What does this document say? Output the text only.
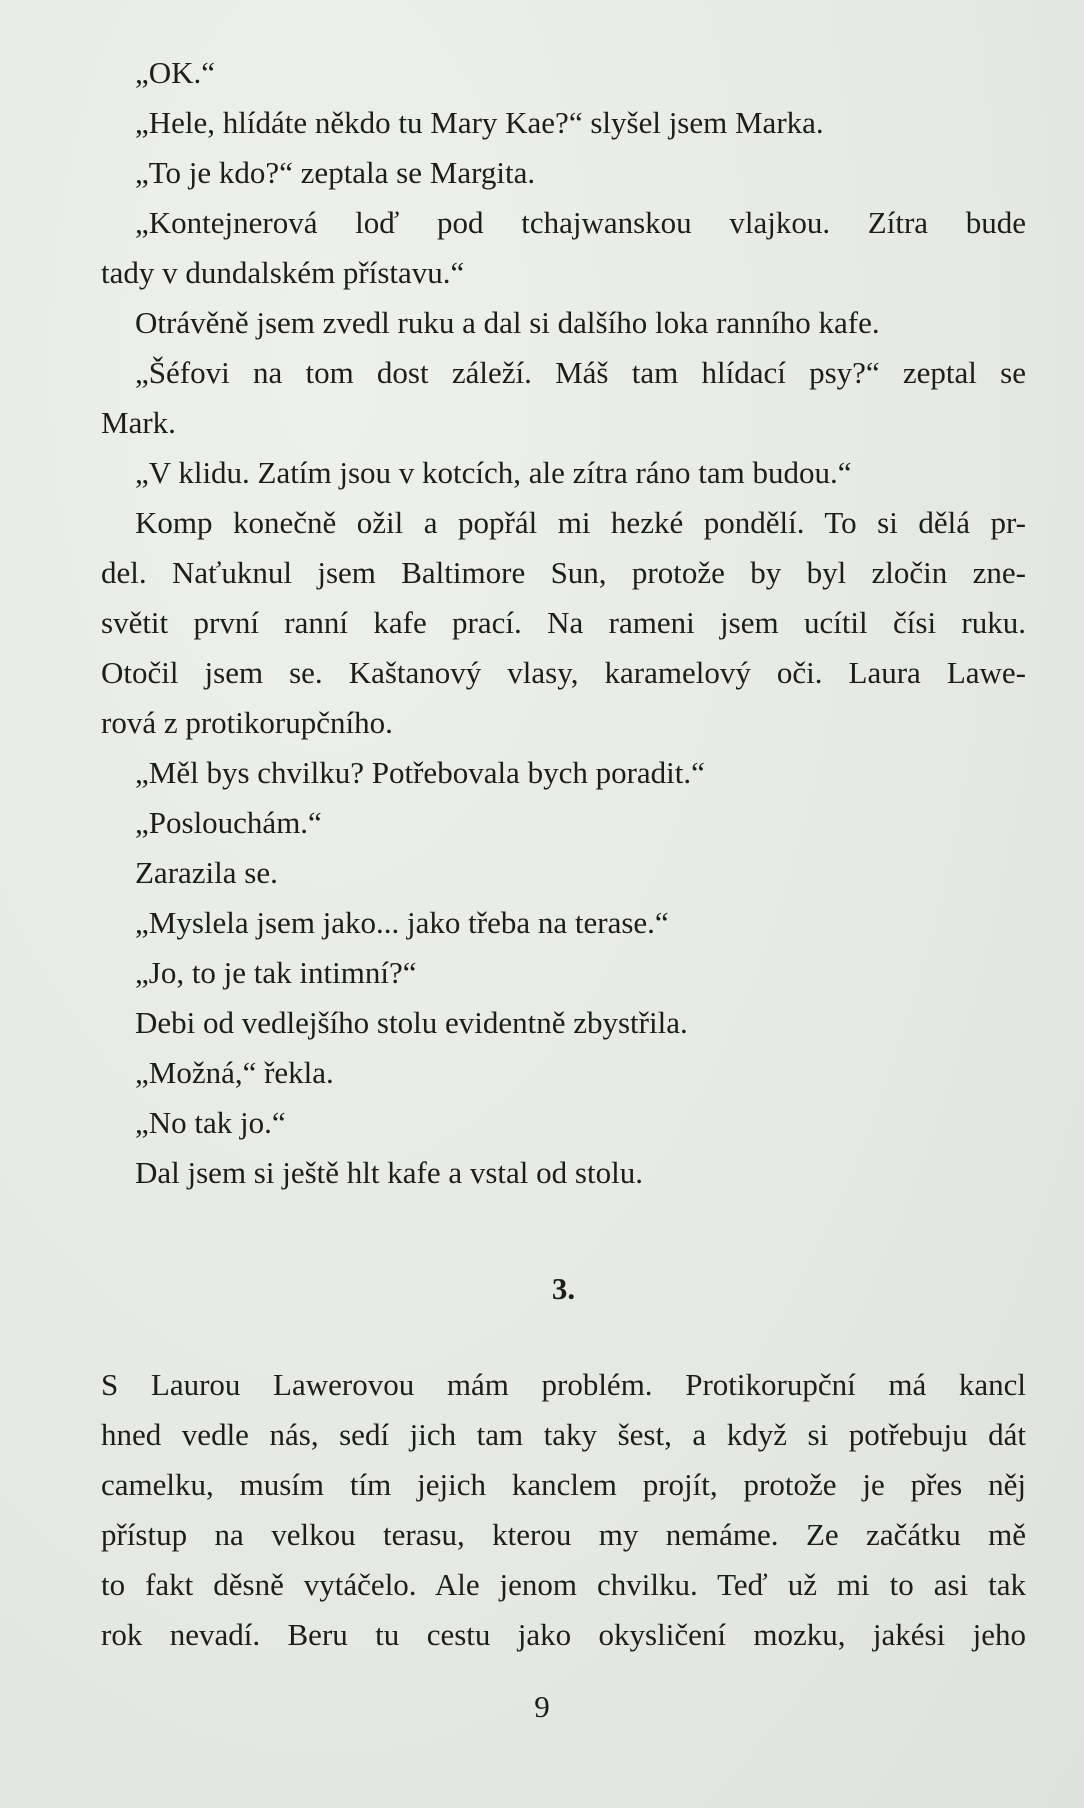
„OK.“

„Hele, hlídáte někdo tu Mary Kae?“ slyšel jsem Marka.

„To je kdo?“ zeptala se Margita.

„Kontejnerová loď pod tchajwanskou vlajkou. Zítra bude
tady v dundalském přístavu.“

Otrávěně jsem zvedl ruku a dal si dalšího loka ranního kafe.

„Šéfovi na tom dost záleží. Máš tam hlídací psy?“ zeptal se
Mark.

„V klidu. Zatím jsou v kotcích, ale zítra ráno tam budou.“

Komp konečně ožil a popřál mi hezké pondělí. To si dělá pr-
del. Naťuknul jsem Baltimore Sun, protože by byl zločin zne-
světit první ranní kafe prací. Na rameni jsem ucítil čísi ruku.
Otočil jsem se. Kaštanový vlasy, karamelový oči. Laura Lawe-
rová z protikorupčního.

„Měl bys chvilku? Potřebovala bych poradit.“

„Poslouchám.“

Zarazila se.

„Myslela jsem jako... jako třeba na terase.“

„Jo, to je tak intimní?“

Debi od vedlejšího stolu evidentně zbystřila.

„Možná,“ řekla.

„No tak jo.“

Dal jsem si ještě hlt kafe a vstal od stolu.

3.

S Laurou Lawerovou mám problém. Protikorupční má kancl
hned vedle nás, sedí jich tam taky šest, a když si potřebuju dát
camelku, musím tím jejich kanclem projít, protože je přes něj
přístup na velkou terasu, kterou my nemáme. Ze začátku mě
to fakt děsně vytáčelo. Ale jenom chvilku. Teď už mi to asi tak
rok nevadí. Beru tu cestu jako okysličení mozku, jakési jeho

9
